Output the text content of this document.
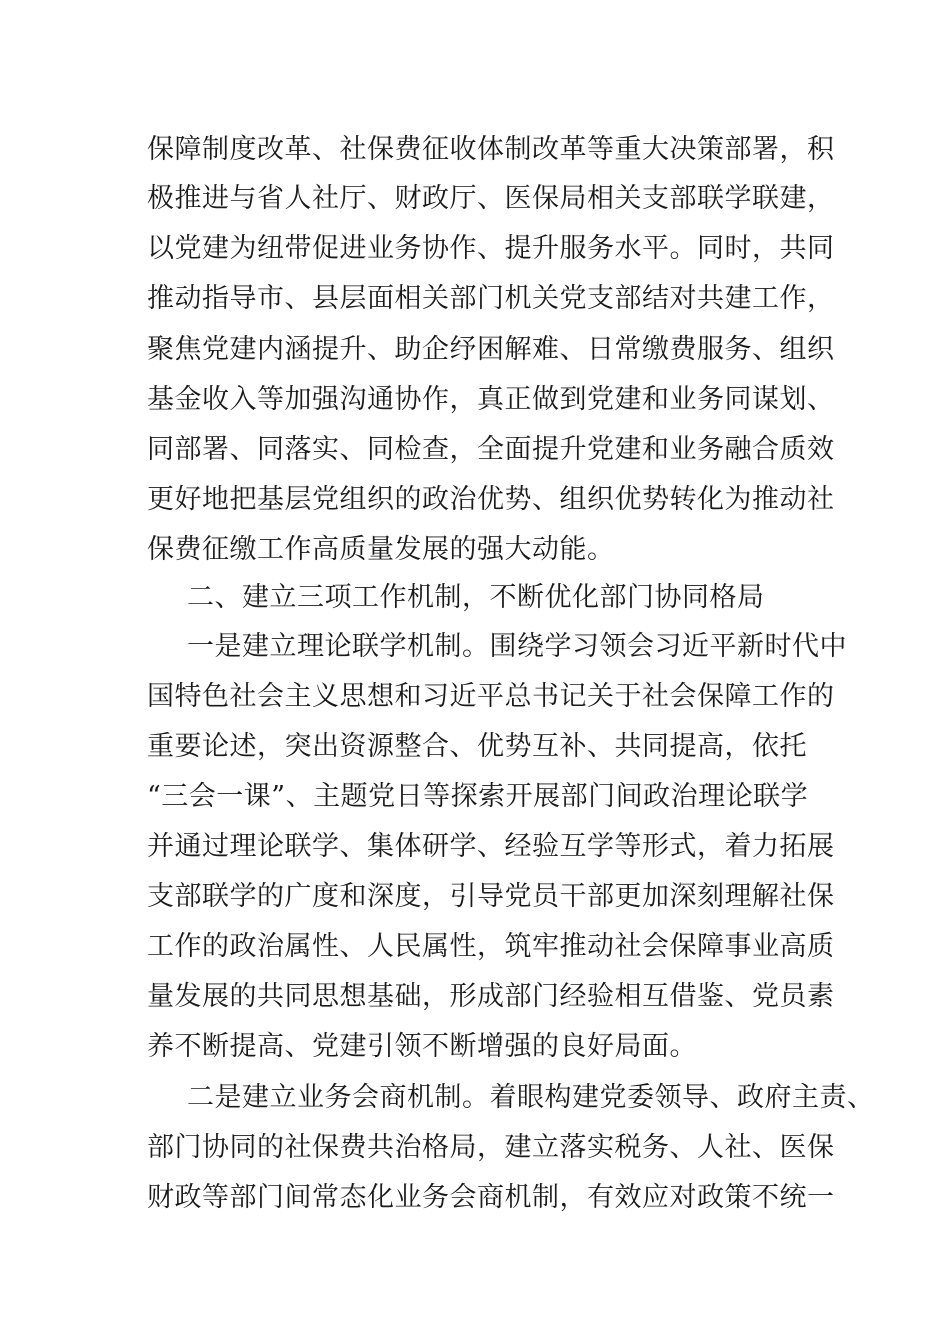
保障制度改革、社保费征收体制改革等重大决策部署，积
极推进与省人社厅、财政厅、医保局相关支部联学联建，
以党建为纽带促进业务协作、提升服务水平。同时，共同
推动指导市、县层面相关部门机关党支部结对共建工作，
聚焦党建内涵提升、助企纾困解难、日常缴费服务、组织
基金收入等加强沟通协作，真正做到党建和业务同谋划、
同部署、同落实、同检查，全面提升党建和业务融合质效
更好地把基层党组织的政治优势、组织优势转化为推动社
保费征缴工作高质量发展的强大动能。
二、建立三项工作机制，不断优化部门协同格局
一是建立理论联学机制。围绕学习领会习近平新时代中
国特色社会主义思想和习近平总书记关于社会保障工作的
重要论述，突出资源整合、优势互补、共同提高，依托
“三会一课”、主题党日等探索开展部门间政治理论联学
并通过理论联学、集体研学、经验互学等形式，着力拓展
支部联学的广度和深度，引导党员干部更加深刻理解社保
工作的政治属性、人民属性，筑牢推动社会保障事业高质
量发展的共同思想基础，形成部门经验相互借鉴、党员素
养不断提高、党建引领不断增强的良好局面。
二是建立业务会商机制。着眼构建党委领导、政府主责、
部门协同的社保费共治格局，建立落实税务、人社、医保
财政等部门间常态化业务会商机制，有效应对政策不统一
